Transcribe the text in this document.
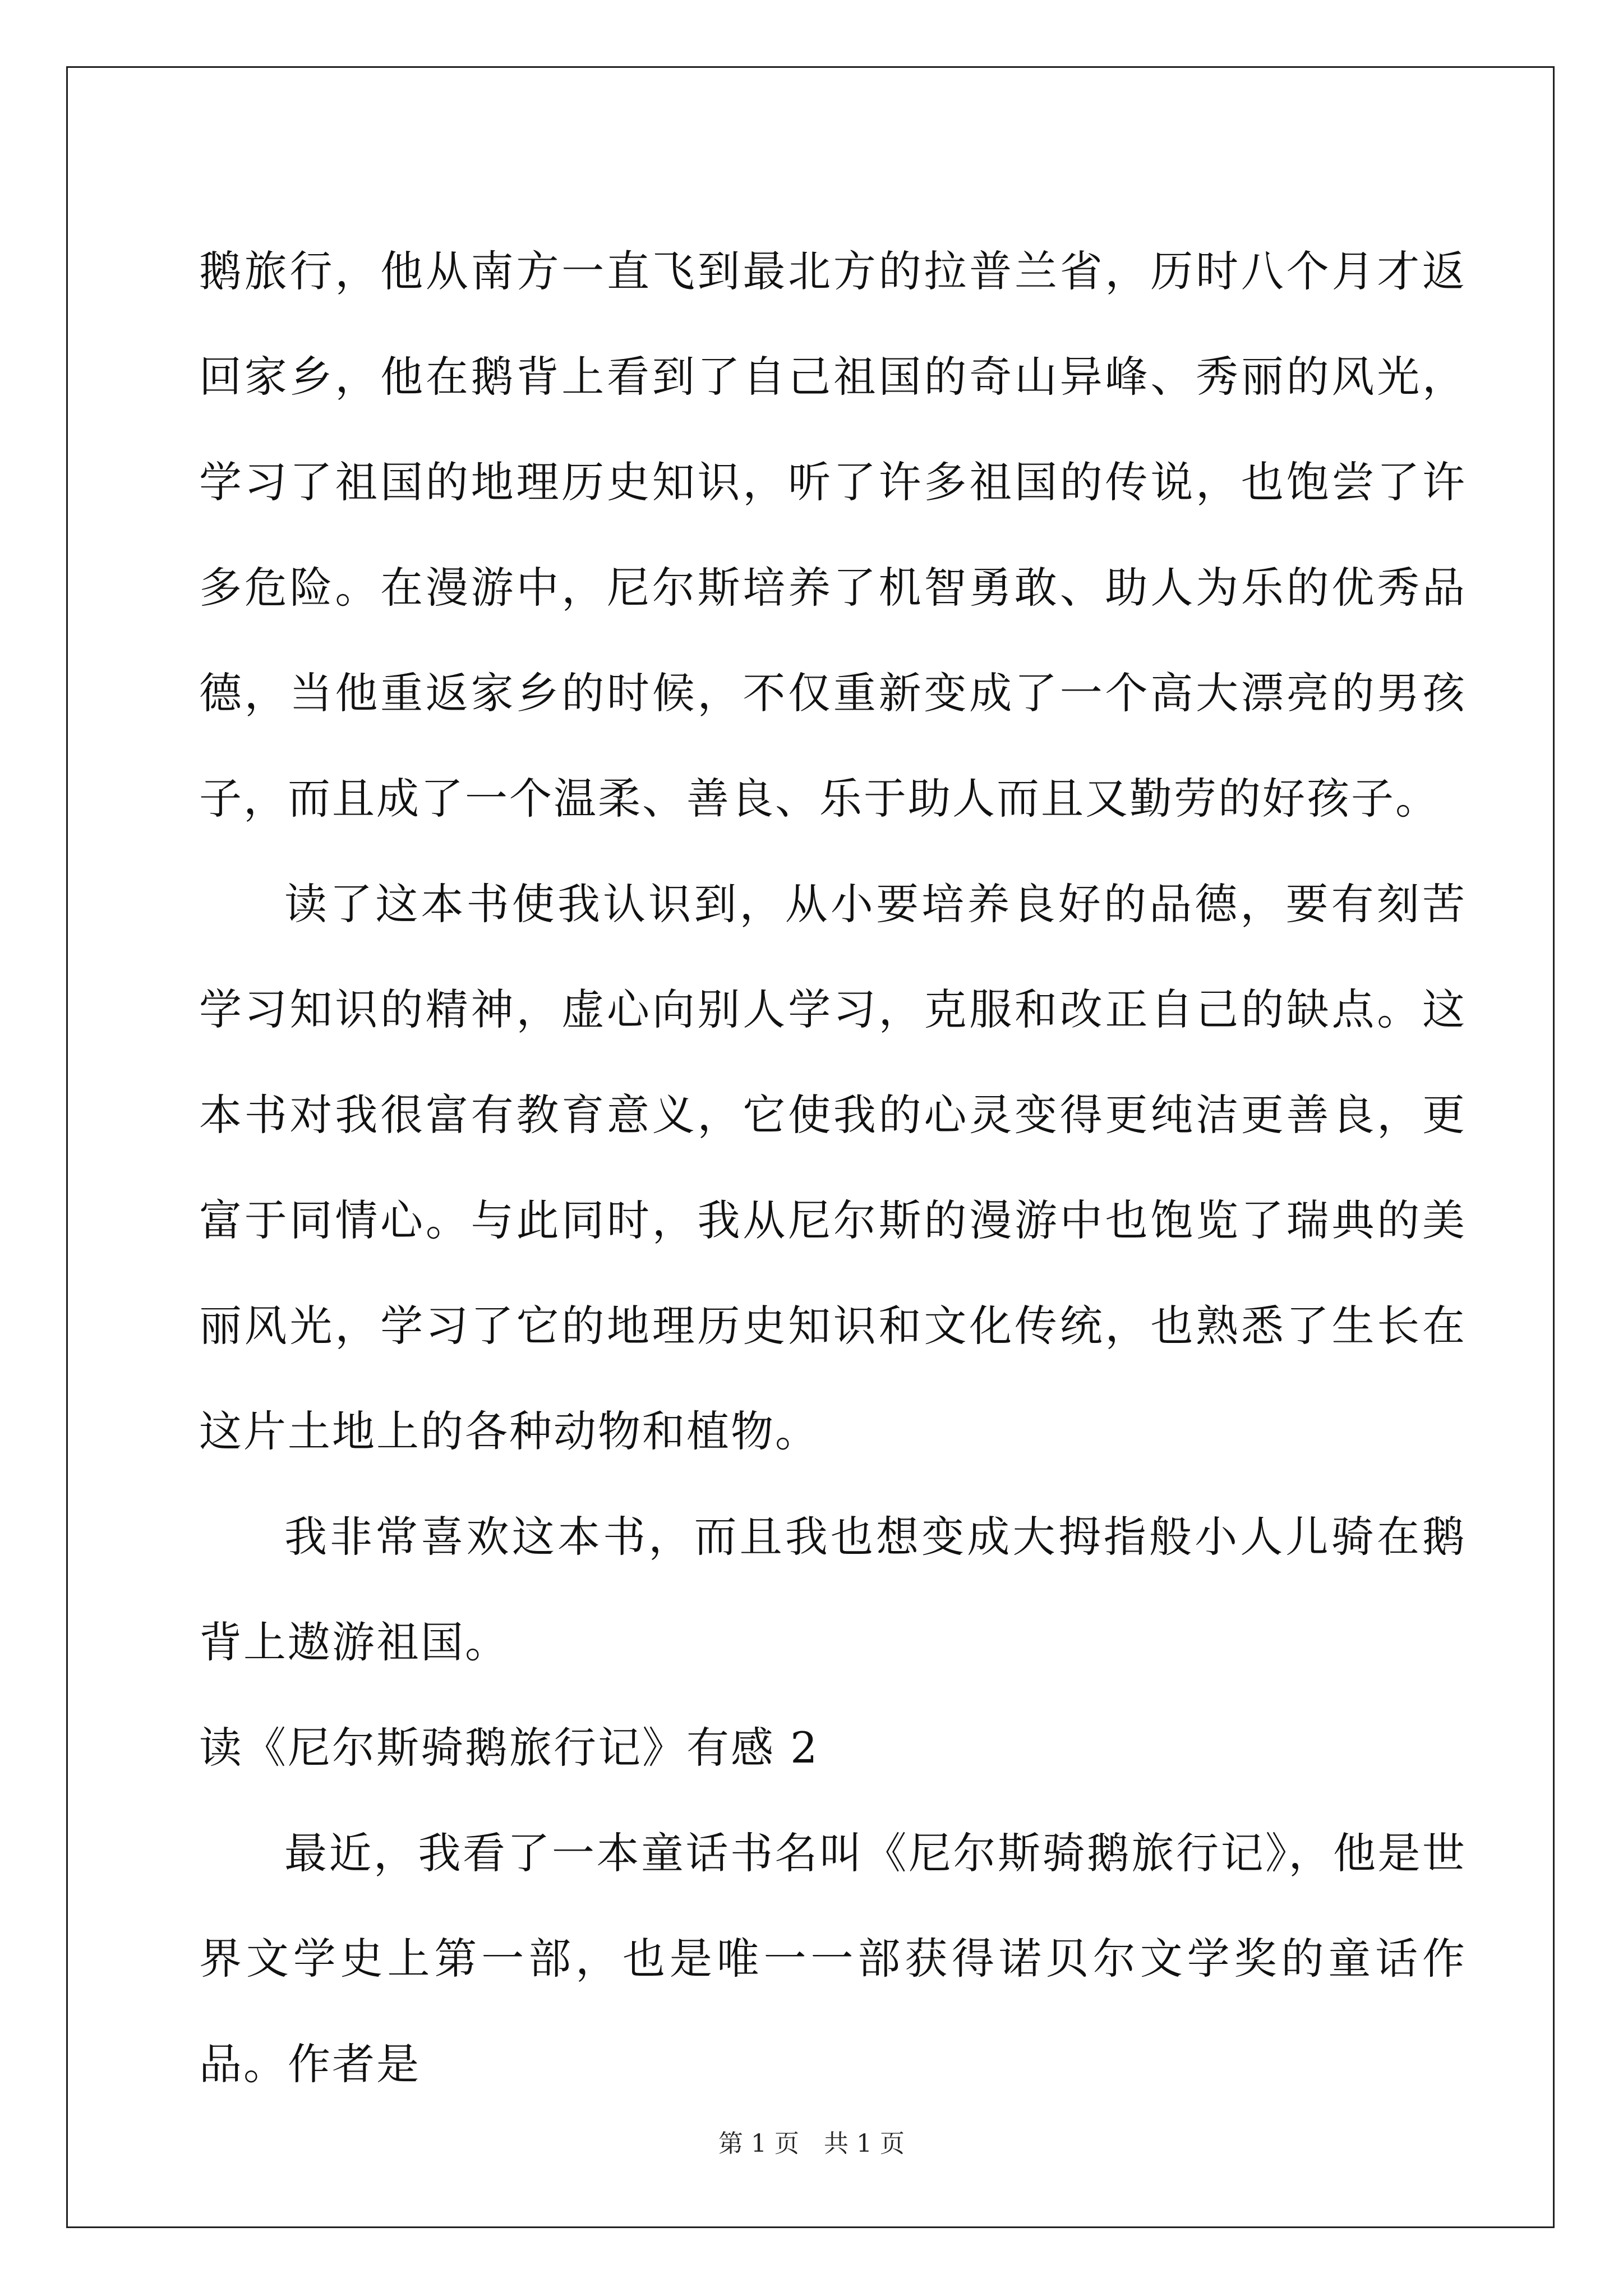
鹅旅行，他从南方一直飞到最北方的拉普兰省，历时八个月才返回家乡，他在鹅背上看到了自己祖国的奇山异峰、秀丽的风光，学习了祖国的地理历史知识，听了许多祖国的传说，也饱尝了许多危险。在漫游中，尼尔斯培养了机智勇敢、助人为乐的优秀品德，当他重返家乡的时候，不仅重新变成了一个高大漂亮的男孩子，而且成了一个温柔、善良、乐于助人而且又勤劳的好孩子。

读了这本书使我认识到，从小要培养良好的品德，要有刻苦学习知识的精神，虚心向别人学习，克服和改正自己的缺点。这本书对我很富有教育意义，它使我的心灵变得更纯洁更善良，更富于同情心。与此同时，我从尼尔斯的漫游中也饱览了瑞典的美丽风光，学习了它的地理历史知识和文化传统，也熟悉了生长在这片土地上的各种动物和植物。

我非常喜欢这本书，而且我也想变成大拇指般小人儿骑在鹅背上遨游祖国。

读《尼尔斯骑鹅旅行记》有感 2

最近，我看了一本童话书名叫《尼尔斯骑鹅旅行记》，他是世界文学史上第一部，也是唯一一部获得诺贝尔文学奖的童话作品。作者是

第 1 页　共 1 页
